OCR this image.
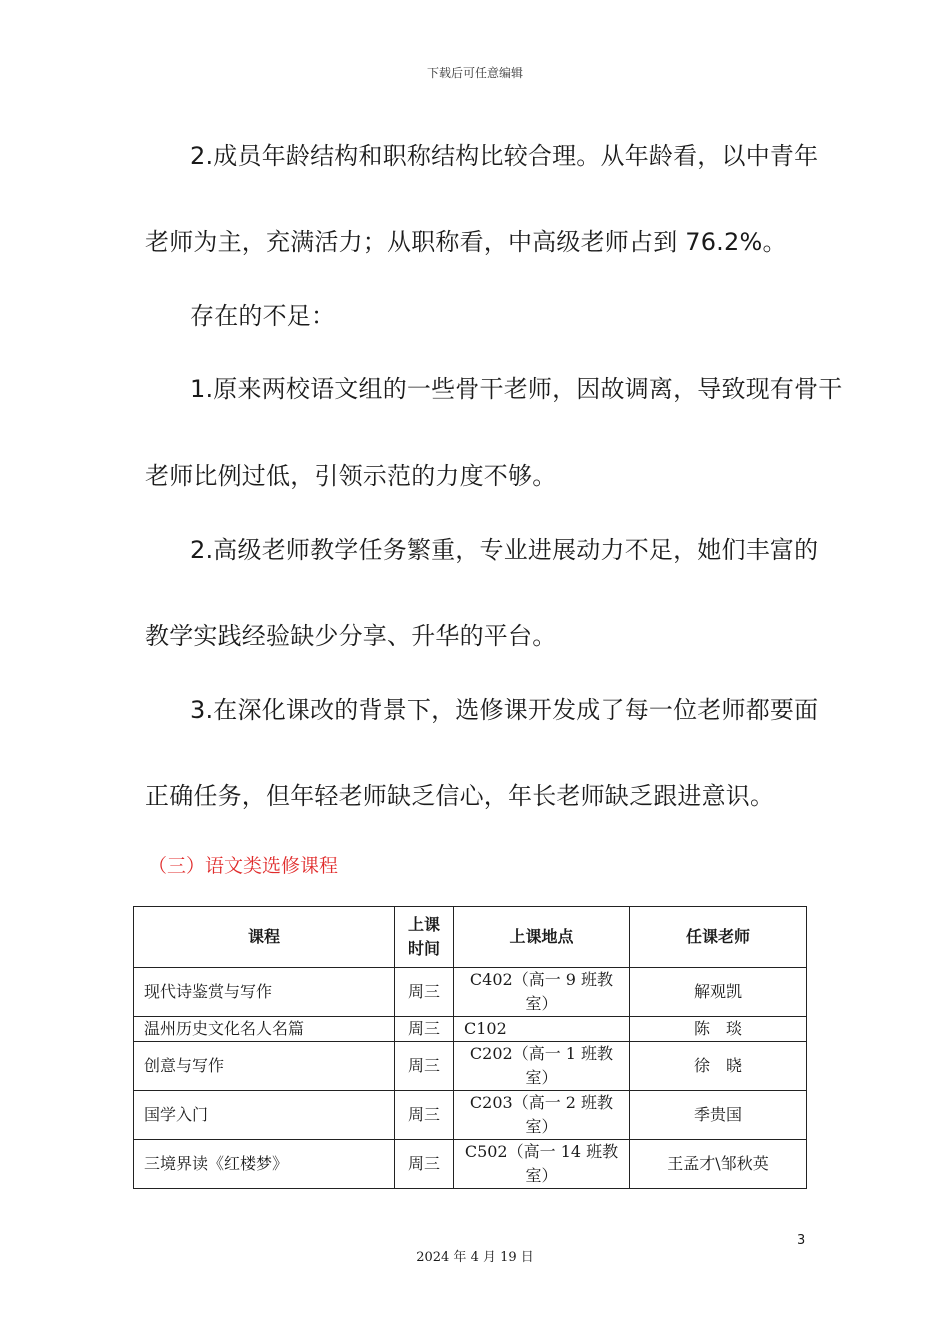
下载后可任意编辑
2.成员年龄结构和职称结构比较合理。从年龄看，以中青年
老师为主，充满活力；从职称看，中高级老师占到 76.2%。
存在的不足：
1.原来两校语文组的一些骨干老师，因故调离，导致现有骨干
老师比例过低，引领示范的力度不够。
2.高级老师教学任务繁重，专业进展动力不足，她们丰富的
教学实践经验缺少分享、升华的平台。
3.在深化课改的背景下，选修课开发成了每一位老师都要面
正确任务，但年轻老师缺乏信心，年长老师缺乏跟进意识。
（三）语文类选修课程
课程	上课时间	上课地点	任课老师
现代诗鉴赏与写作	周三	C402（高一 9 班教室）	解观凯
温州历史文化名人名篇	周三	C102	陈　琰
创意与写作	周三	C202（高一 1 班教室）	徐　晓
国学入门	周三	C203（高一 2 班教室）	季贵国
三境界读《红楼梦》	周三	C502（高一 14 班教室）	王孟才\邹秋英
3
2024 年 4 月 19 日
